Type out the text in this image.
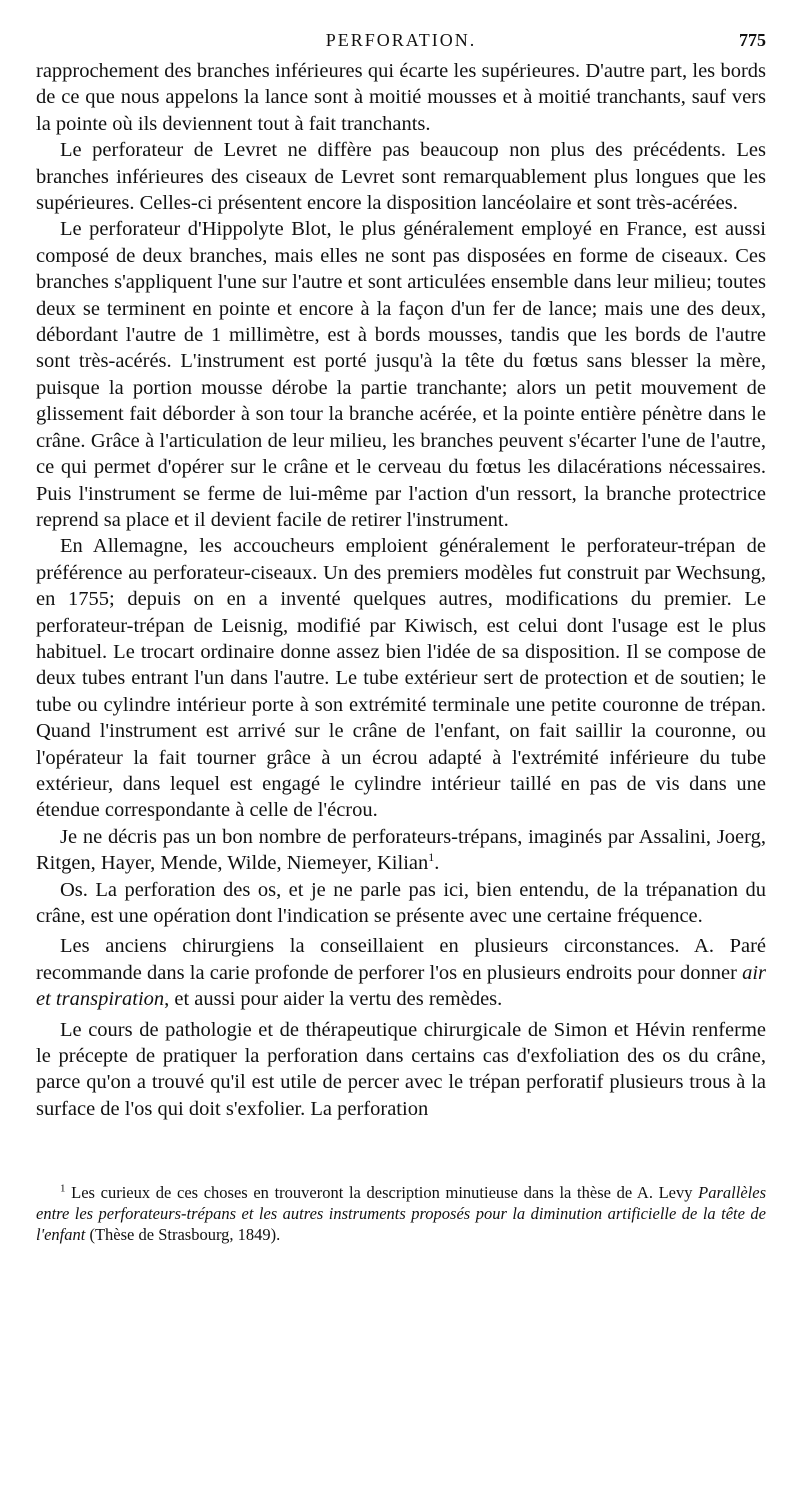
PERFORATION.	775

rapprochement des branches inférieures qui écarte les supérieures. D'autre part, les bords de ce que nous appelons la lance sont à moitié mousses et à moitié tranchants, sauf vers la pointe où ils deviennent tout à fait tranchants.

Le perforateur de Levret ne diffère pas beaucoup non plus des précédents. Les branches inférieures des ciseaux de Levret sont remarquablement plus longues que les supérieures. Celles-ci présentent encore la disposition lancéolaire et sont très-acérées.

Le perforateur d'Hippolyte Blot, le plus généralement employé en France, est aussi composé de deux branches, mais elles ne sont pas disposées en forme de ciseaux. Ces branches s'appliquent l'une sur l'autre et sont articulées ensemble dans leur milieu; toutes deux se terminent en pointe et encore à la façon d'un fer de lance; mais une des deux, débordant l'autre de 1 millimètre, est à bords mousses, tandis que les bords de l'autre sont très-acérés. L'instrument est porté jusqu'à la tête du fœtus sans blesser la mère, puisque la portion mousse dérobe la partie tranchante; alors un petit mouvement de glissement fait déborder à son tour la branche acérée, et la pointe entière pénètre dans le crâne. Grâce à l'articulation de leur milieu, les branches peuvent s'écarter l'une de l'autre, ce qui permet d'opérer sur le crâne et le cerveau du fœtus les dilacérations nécessaires. Puis l'instrument se ferme de lui-même par l'action d'un ressort, la branche protectrice reprend sa place et il devient facile de retirer l'instrument.

En Allemagne, les accoucheurs emploient généralement le perforateur-trépan de préférence au perforateur-ciseaux. Un des premiers modèles fut construit par Wechsung, en 1755; depuis on en a inventé quelques autres, modifications du premier. Le perforateur-trépan de Leisnig, modifié par Kiwisch, est celui dont l'usage est le plus habituel. Le trocart ordinaire donne assez bien l'idée de sa disposition. Il se compose de deux tubes entrant l'un dans l'autre. Le tube extérieur sert de protection et de soutien; le tube ou cylindre intérieur porte à son extrémité terminale une petite couronne de trépan. Quand l'instrument est arrivé sur le crâne de l'enfant, on fait saillir la couronne, ou l'opérateur la fait tourner grâce à un écrou adapté à l'extrémité inférieure du tube extérieur, dans lequel est engagé le cylindre intérieur taillé en pas de vis dans une étendue correspondante à celle de l'écrou.

Je ne décris pas un bon nombre de perforateurs-trépans, imaginés par Assalini, Joerg, Ritgen, Hayer, Mende, Wilde, Niemeyer, Kilian$^1$.

Os. La perforation des os, et je ne parle pas ici, bien entendu, de la trépanation du crâne, est une opération dont l'indication se présente avec une certaine fréquence.

Les anciens chirurgiens la conseillaient en plusieurs circonstances. A. Paré recommande dans la carie profonde de perforer l'os en plusieurs endroits pour donner air et transpiration, et aussi pour aider la vertu des remèdes.

Le cours de pathologie et de thérapeutique chirurgicale de Simon et Hévin renferme le précepte de pratiquer la perforation dans certains cas d'exfoliation des os du crâne, parce qu'on a trouvé qu'il est utile de percer avec le trépan perforatif plusieurs trous à la surface de l'os qui doit s'exfolier. La perforation

$^1$ Les curieux de ces choses en trouveront la description minutieuse dans la thèse de A. Levy Parallèles entre les perforateurs-trépans et les autres instruments proposés pour la diminution artificielle de la tête de l'enfant (Thèse de Strasbourg, 1849).
